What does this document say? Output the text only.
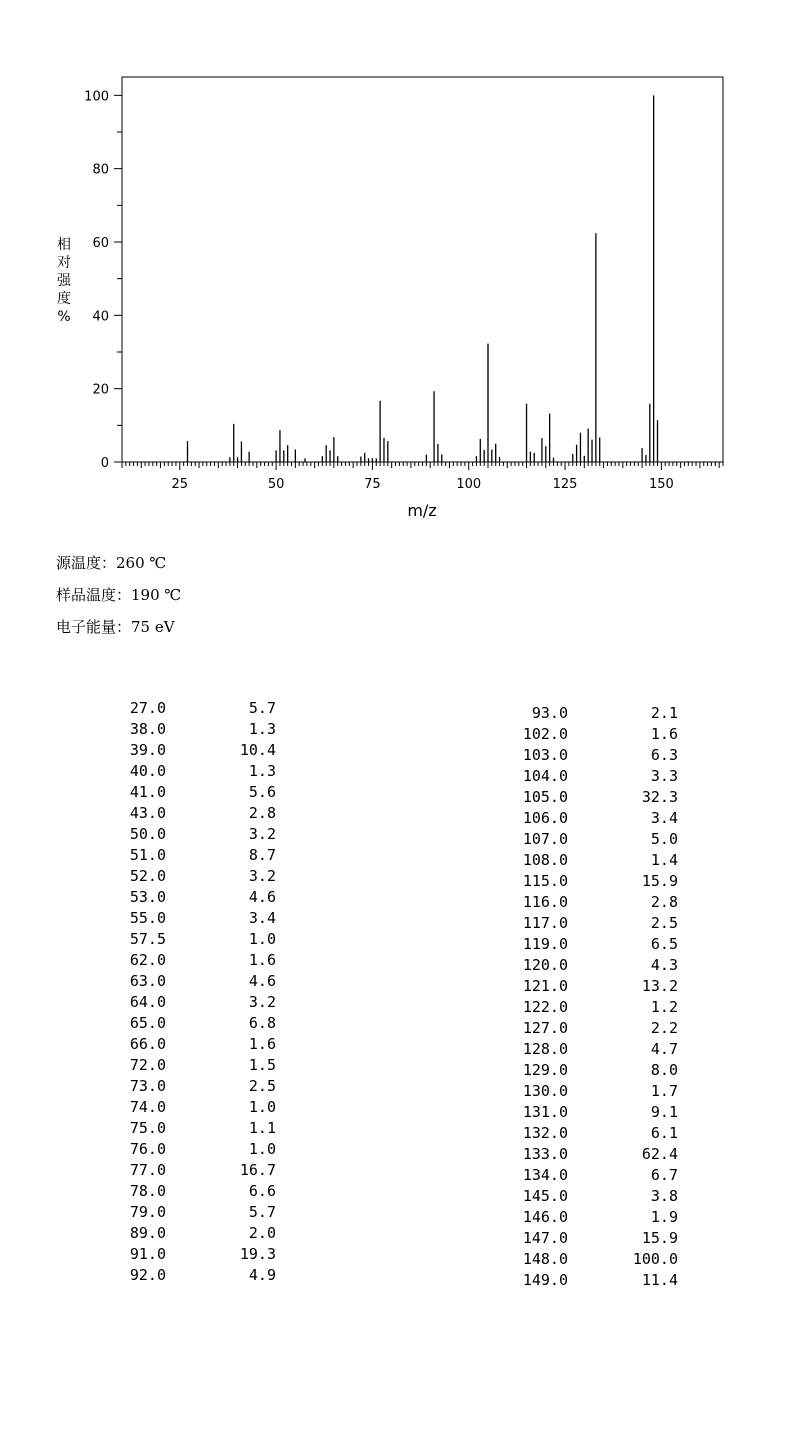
25	50	75	100	125	150
0
20
40
60
80
100
m/z
相
对
强
度
%
源温度：260 ℃
样品温度：190 ℃
电子能量：75 eV
27.0	5.7
38.0	1.3
39.0	10.4
40.0	1.3
41.0	5.6
43.0	2.8
50.0	3.2
51.0	8.7
52.0	3.2
53.0	4.6
55.0	3.4
57.5	1.0
62.0	1.6
63.0	4.6
64.0	3.2
65.0	6.8
66.0	1.6
72.0	1.5
73.0	2.5
74.0	1.0
75.0	1.1
76.0	1.0
77.0	16.7
78.0	6.6
79.0	5.7
89.0	2.0
91.0	19.3
92.0	4.9
93.0	2.1
102.0	1.6
103.0	6.3
104.0	3.3
105.0	32.3
106.0	3.4
107.0	5.0
108.0	1.4
115.0	15.9
116.0	2.8
117.0	2.5
119.0	6.5
120.0	4.3
121.0	13.2
122.0	1.2
127.0	2.2
128.0	4.7
129.0	8.0
130.0	1.7
131.0	9.1
132.0	6.1
133.0	62.4
134.0	6.7
145.0	3.8
146.0	1.9
147.0	15.9
148.0	100.0
149.0	11.4
